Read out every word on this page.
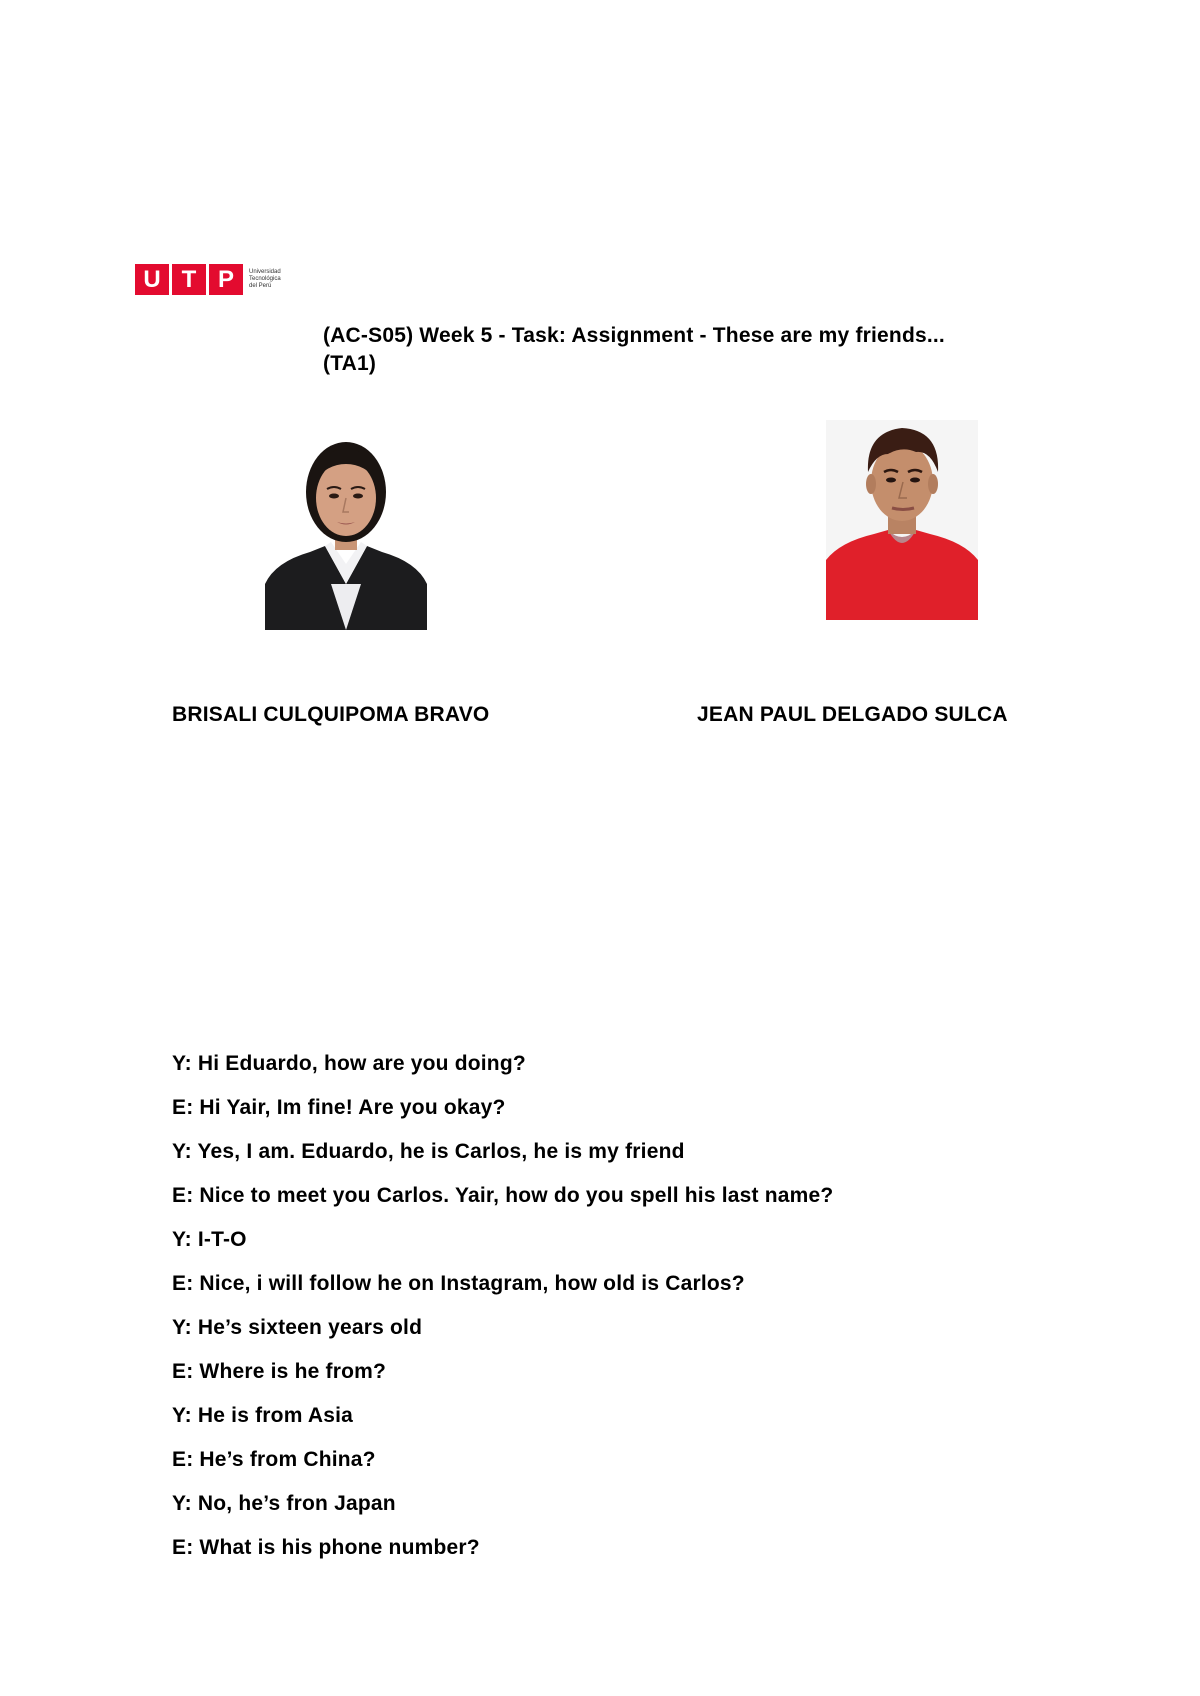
U T P	Universidad
Tecnológica
del Perú
(AC-S05) Week 5 - Task: Assignment - These are my friends... (TA1)
BRISALI CULQUIPOMA BRAVO	JEAN PAUL DELGADO SULCA
Y: Hi Eduardo, how are you doing?
E: Hi Yair, Im fine! Are you okay?
Y: Yes, I am. Eduardo, he is Carlos, he is my friend
E: Nice to meet you Carlos. Yair, how do you spell his last name?
Y: I-T-O
E: Nice, i will follow he on Instagram, how old is Carlos?
Y: He’s sixteen years old
E: Where is he from?
Y: He is from Asia
E: He’s from China?
Y: No, he’s fron Japan
E: What is his phone number?
